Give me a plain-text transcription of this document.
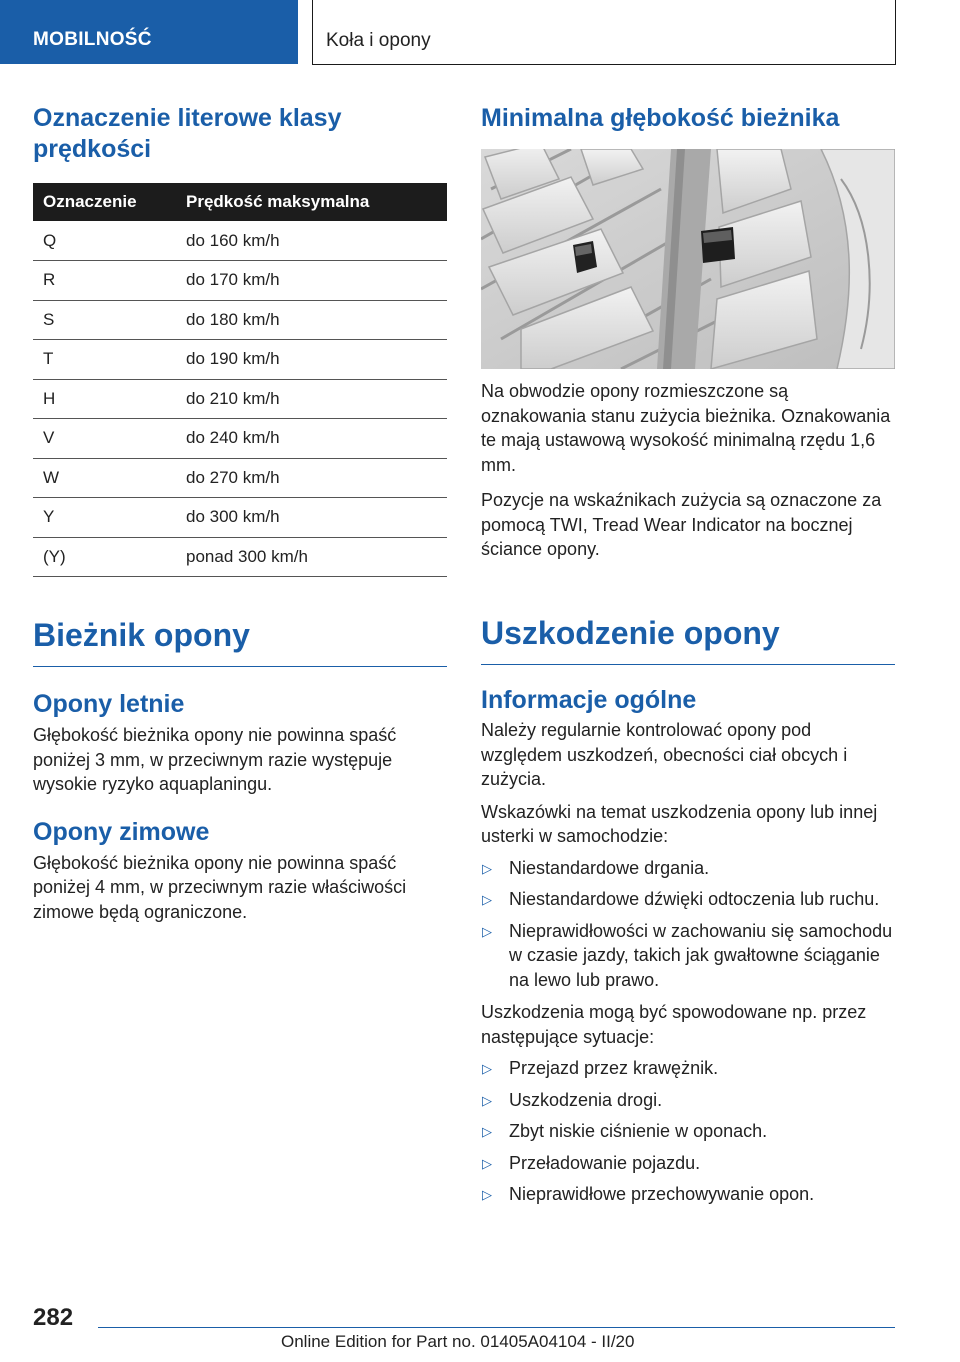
MOBILNOŚĆ	Koła i opony
Oznaczenie literowe klasy prędkości
Oznaczenie	Prędkość maksymalna
Q	do 160 km/h
R	do 170 km/h
S	do 180 km/h
T	do 190 km/h
H	do 210 km/h
V	do 240 km/h
W	do 270 km/h
Y	do 300 km/h
(Y)	ponad 300 km/h
Bieżnik opony
Opony letnie

Głębokość bieżnika opony nie powinna spaść poniżej 3 mm, w przeciwnym razie występuje wysokie ryzyko aquaplaningu.

Opony zimowe

Głębokość bieżnika opony nie powinna spaść poniżej 4 mm, w przeciwnym razie właściwości zimowe będą ograniczone.

Minimalna głębokość bieżnika

Na obwodzie opony rozmieszczone są oznakowania stanu zużycia bieżnika. Oznakowania te mają ustawową wysokość minimalną rzędu 1,6 mm.

Pozycje na wskaźnikach zużycia są oznaczone za pomocą TWI, Tread Wear Indicator na bocznej ściance opony.

Uszkodzenie opony
Informacje ogólne

Należy regularnie kontrolować opony pod względem uszkodzeń, obecności ciał obcych i zużycia.

Wskazówki na temat uszkodzenia opony lub innej usterki w samochodzie:

▷ Niestandardowe drgania.
▷ Niestandardowe dźwięki odtoczenia lub ruchu.
▷ Nieprawidłowości w zachowaniu się samochodu w czasie jazdy, takich jak gwałtowne ściąganie na lewo lub prawo.

Uszkodzenia mogą być spowodowane np. przez następujące sytuacje:

▷ Przejazd przez krawężnik.
▷ Uszkodzenia drogi.
▷ Zbyt niskie ciśnienie w oponach.
▷ Przeładowanie pojazdu.
▷ Nieprawidłowe przechowywanie opon.
282
Online Edition for Part no. 01405A04104 - II/20
